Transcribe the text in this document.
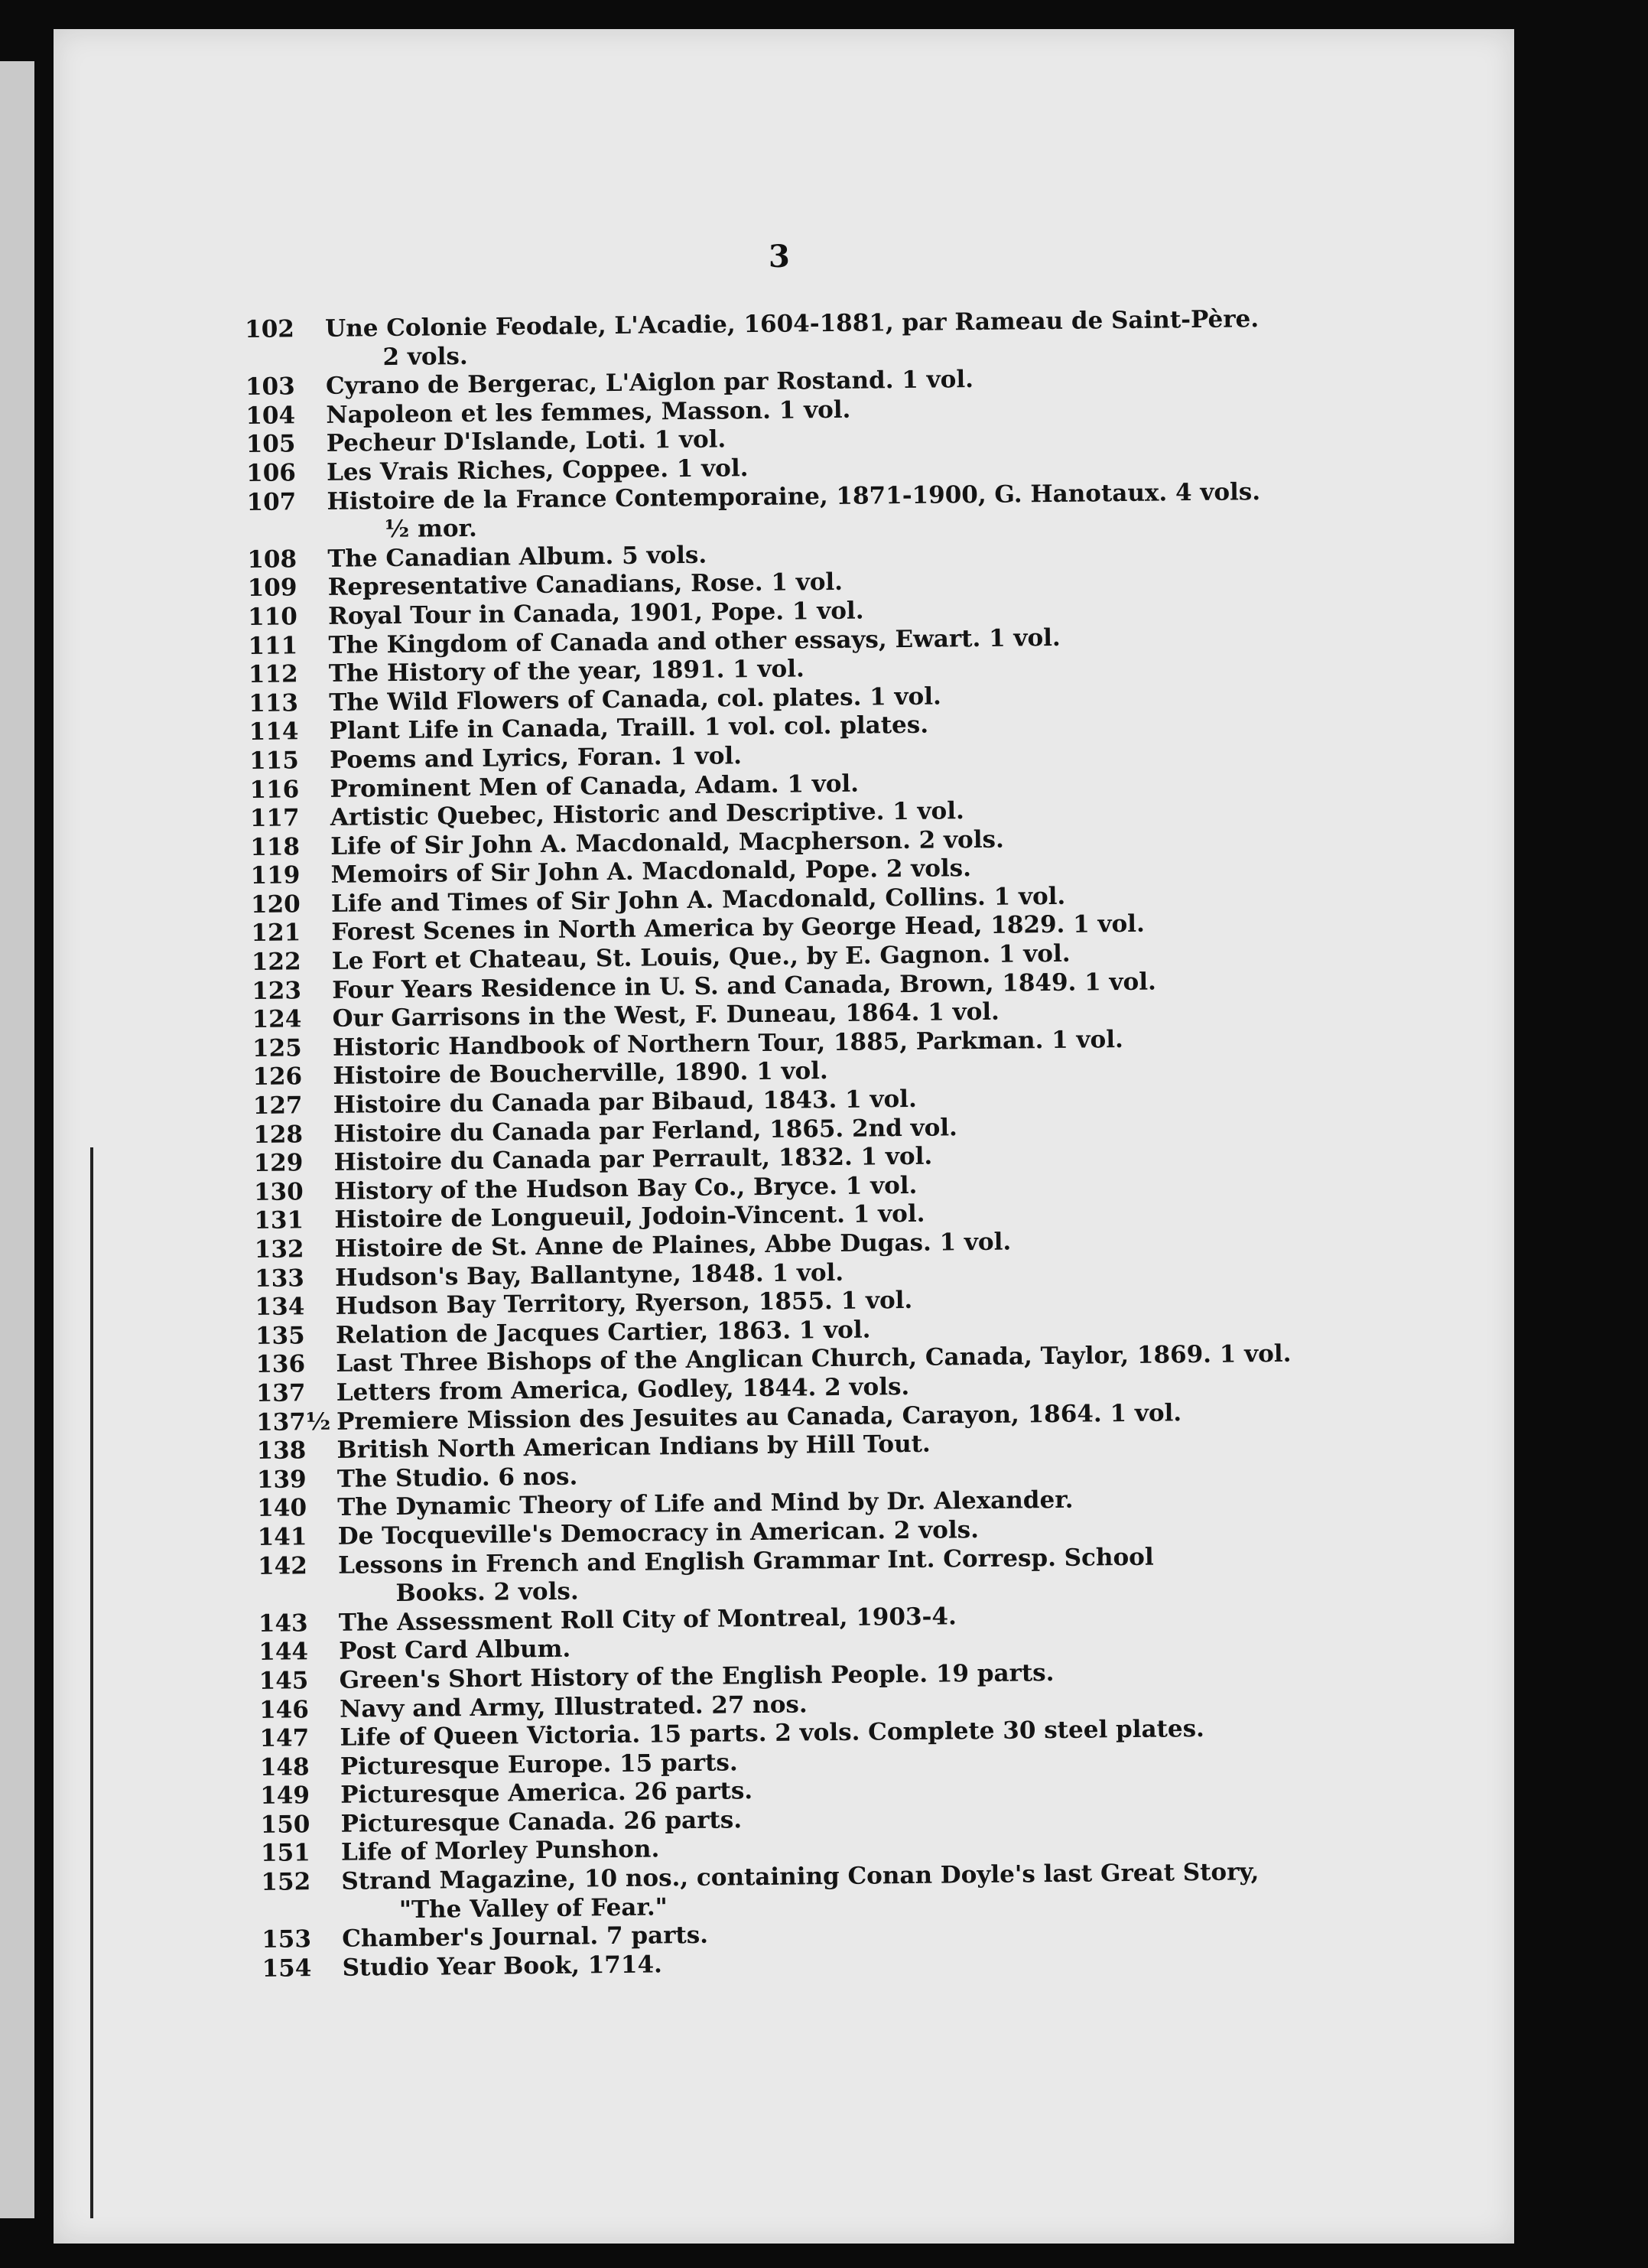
3
102	Une Colonie Feodale, L'Acadie, 1604-1881, par Rameau de Saint-Père.
2 vols.
103	Cyrano de Bergerac, L'Aiglon par Rostand. 1 vol.
104	Napoleon et les femmes, Masson. 1 vol.
105	Pecheur D'Islande, Loti. 1 vol.
106	Les Vrais Riches, Coppee. 1 vol.
107	Histoire de la France Contemporaine, 1871-1900, G. Hanotaux. 4 vols.
½ mor.
108	The Canadian Album. 5 vols.
109	Representative Canadians, Rose. 1 vol.
110	Royal Tour in Canada, 1901, Pope. 1 vol.
111	The Kingdom of Canada and other essays, Ewart. 1 vol.
112	The History of the year, 1891. 1 vol.
113	The Wild Flowers of Canada, col. plates. 1 vol.
114	Plant Life in Canada, Traill. 1 vol. col. plates.
115	Poems and Lyrics, Foran. 1 vol.
116	Prominent Men of Canada, Adam. 1 vol.
117	Artistic Quebec, Historic and Descriptive. 1 vol.
118	Life of Sir John A. Macdonald, Macpherson. 2 vols.
119	Memoirs of Sir John A. Macdonald, Pope. 2 vols.
120	Life and Times of Sir John A. Macdonald, Collins. 1 vol.
121	Forest Scenes in North America by George Head, 1829. 1 vol.
122	Le Fort et Chateau, St. Louis, Que., by E. Gagnon. 1 vol.
123	Four Years Residence in U. S. and Canada, Brown, 1849. 1 vol.
124	Our Garrisons in the West, F. Duneau, 1864. 1 vol.
125	Historic Handbook of Northern Tour, 1885, Parkman. 1 vol.
126	Histoire de Boucherville, 1890. 1 vol.
127	Histoire du Canada par Bibaud, 1843. 1 vol.
128	Histoire du Canada par Ferland, 1865. 2nd vol.
129	Histoire du Canada par Perrault, 1832. 1 vol.
130	History of the Hudson Bay Co., Bryce. 1 vol.
131	Histoire de Longueuil, Jodoin-Vincent. 1 vol.
132	Histoire de St. Anne de Plaines, Abbe Dugas. 1 vol.
133	Hudson's Bay, Ballantyne, 1848. 1 vol.
134	Hudson Bay Territory, Ryerson, 1855. 1 vol.
135	Relation de Jacques Cartier, 1863. 1 vol.
136	Last Three Bishops of the Anglican Church, Canada, Taylor, 1869. 1 vol.
137	Letters from America, Godley, 1844. 2 vols.
137½ Premiere Mission des Jesuites au Canada, Carayon, 1864. 1 vol.
138	British North American Indians by Hill Tout.
139	The Studio. 6 nos.
140	The Dynamic Theory of Life and Mind by Dr. Alexander.
141	De Tocqueville's Democracy in American. 2 vols.
142	Lessons in French and English Grammar Int. Corresp. School
Books. 2 vols.
143	The Assessment Roll City of Montreal, 1903-4.
144	Post Card Album.
145	Green's Short History of the English People. 19 parts.
146	Navy and Army, Illustrated. 27 nos.
147	Life of Queen Victoria. 15 parts. 2 vols. Complete 30 steel plates.
148	Picturesque Europe. 15 parts.
149	Picturesque America. 26 parts.
150	Picturesque Canada. 26 parts.
151	Life of Morley Punshon.
152	Strand Magazine, 10 nos., containing Conan Doyle's last Great Story,
"The Valley of Fear."
153	Chamber's Journal. 7 parts.
154	Studio Year Book, 1714.
